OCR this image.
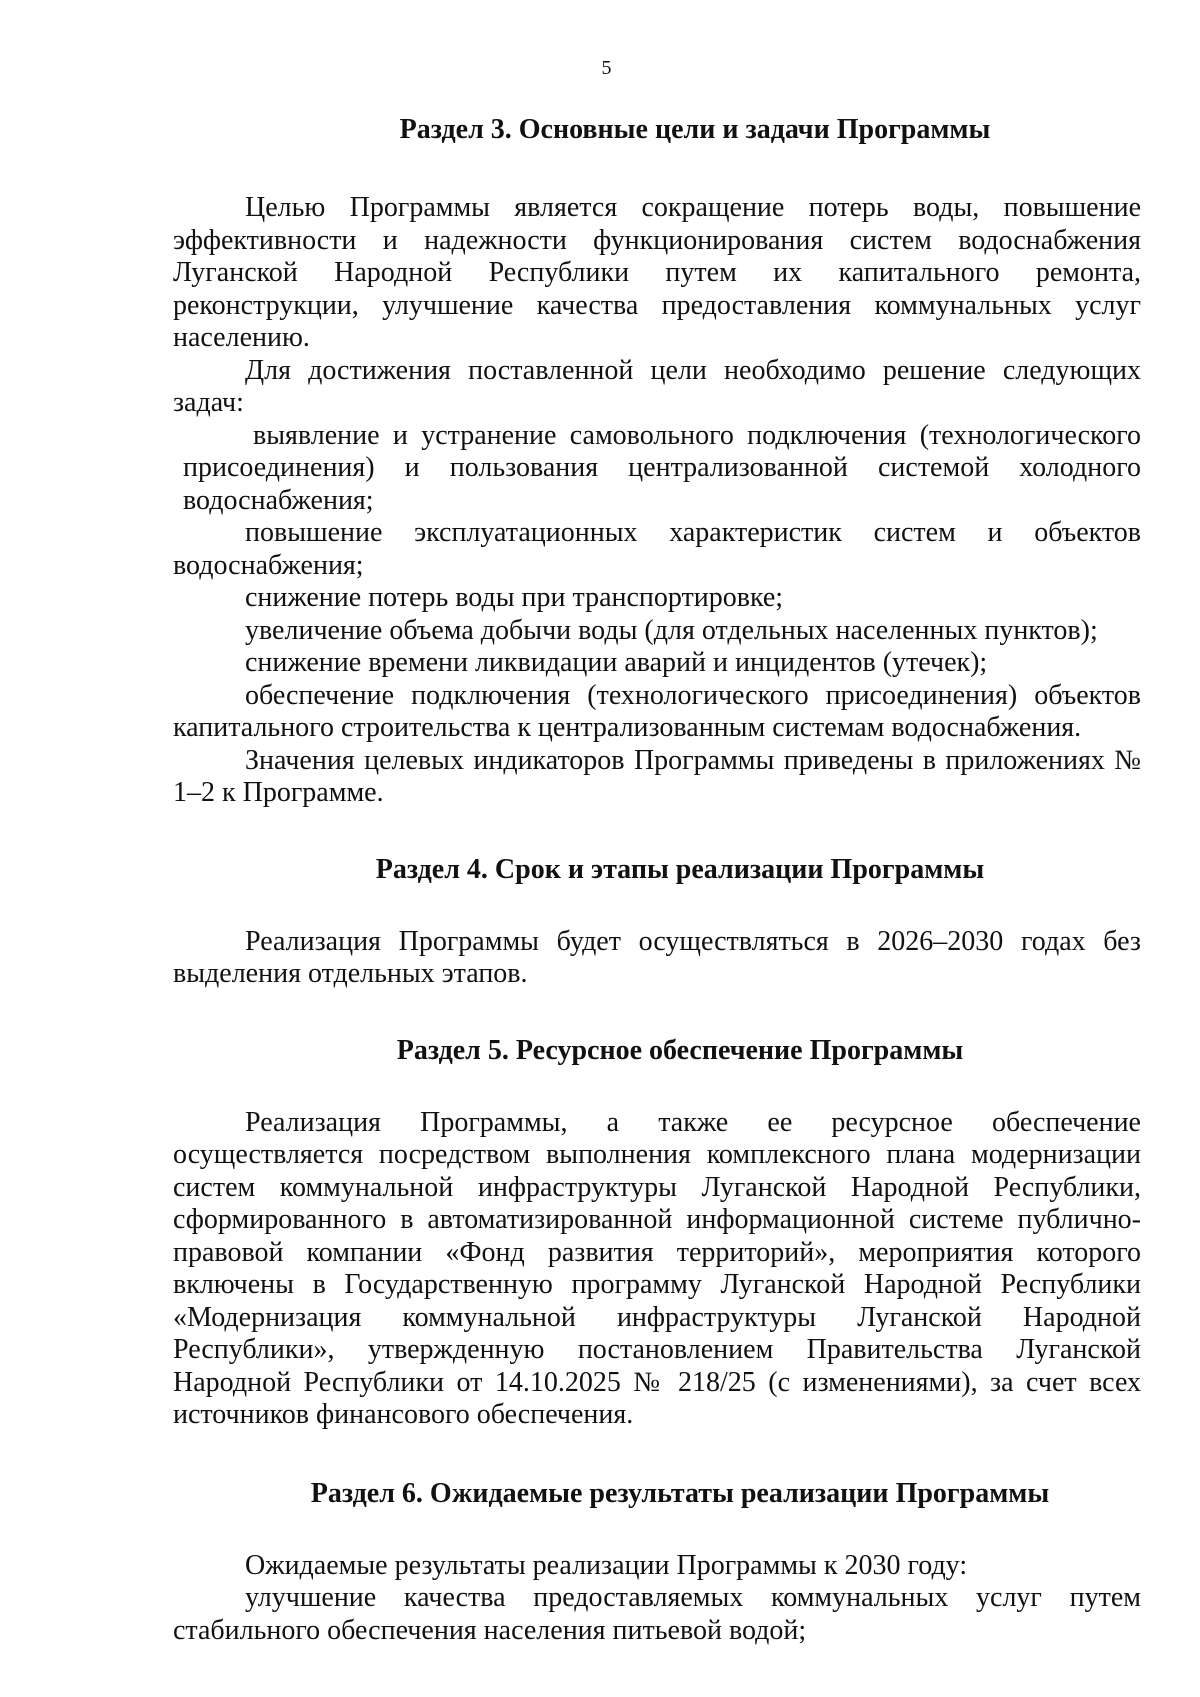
5
Раздел 3. Основные цели и задачи Программы

Целью Программы является сокращение потерь воды, повышение эффективности и надежности функционирования систем водоснабжения Луганской Народной Республики путем их капитального ремонта, реконструкции, улучшение качества предоставления коммунальных услуг населению.

Для достижения поставленной цели необходимо решение следующих задач:

выявление и устранение самовольного подключения (технологического присоединения) и пользования централизованной системой холодного водоснабжения;
повышение эксплуатационных характеристик систем и объектов водоснабжения;
снижение потерь воды при транспортировке;
увеличение объема добычи воды (для отдельных населенных пунктов);
снижение времени ликвидации аварий и инцидентов (утечек);
обеспечение подключения (технологического присоединения) объектов капитального строительства к централизованным системам водоснабжения.

Значения целевых индикаторов Программы приведены в приложениях № 1–2 к Программе.

Раздел 4. Срок и этапы реализации Программы

Реализация Программы будет осуществляться в 2026–2030 годах без выделения отдельных этапов.

Раздел 5. Ресурсное обеспечение Программы

Реализация Программы, а также ее ресурсное обеспечение осуществляется посредством выполнения комплексного плана модернизации систем коммунальной инфраструктуры Луганской Народной Республики, сформированного в автоматизированной информационной системе публично-правовой компании «Фонд развития территорий», мероприятия которого включены в Государственную программу Луганской Народной Республики «Модернизация коммунальной инфраструктуры Луганской Народной Республики», утвержденную постановлением Правительства Луганской Народной Республики от 14.10.2025 № 218/25 (с изменениями), за счет всех источников финансового обеспечения.

Раздел 6. Ожидаемые результаты реализации Программы

Ожидаемые результаты реализации Программы к 2030 году:

улучшение качества предоставляемых коммунальных услуг путем стабильного обеспечения населения питьевой водой;
